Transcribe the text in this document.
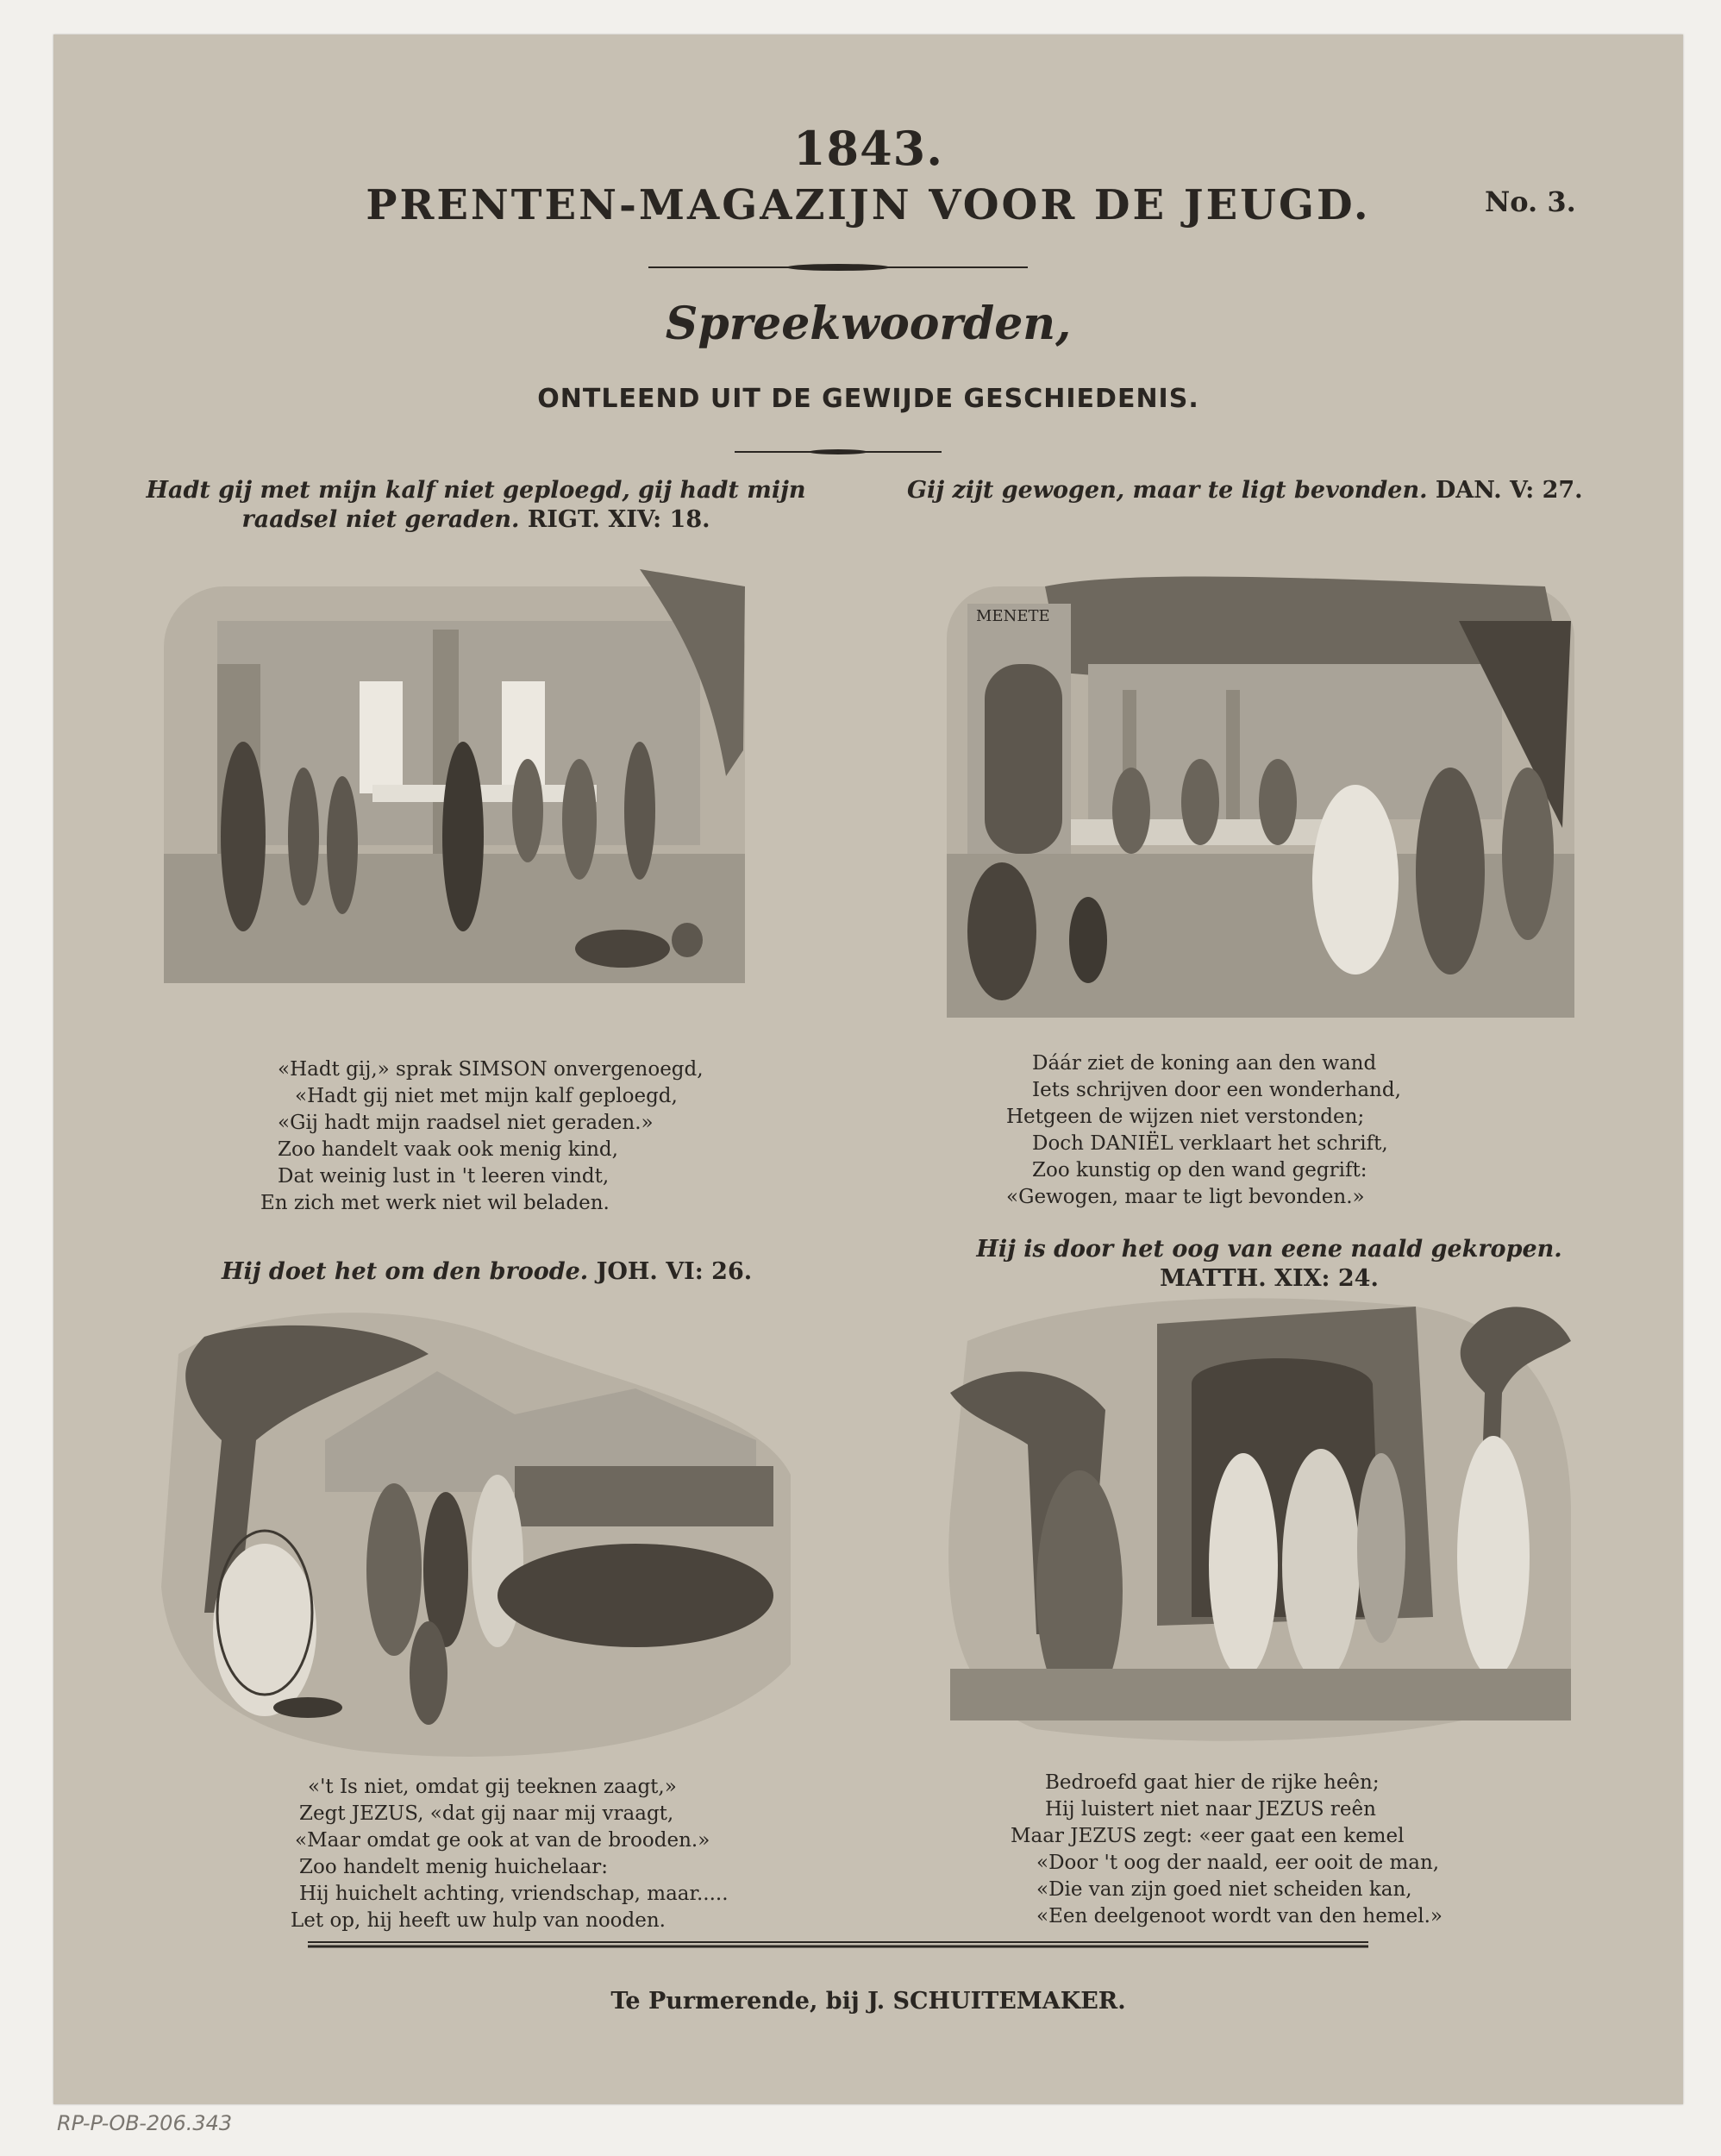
1843.
PRENTEN-MAGAZIJN VOOR DE JEUGD.	No. 3.
Spreekwoorden,
ONTLEEND UIT DE GEWIJDE GESCHIEDENIS.
Hadt gij met mijn kalf niet geploegd, gij hadt mijn
raadsel niet geraden. RIGT. XIV: 18.
«Hadt gij,» sprak SIMSON onvergenoegd,
«Hadt gij niet met mijn kalf geploegd,
«Gij hadt mijn raadsel niet geraden.»
Zoo handelt vaak ook menig kind,
Dat weinig lust in 't leeren vindt,
En zich met werk niet wil beladen.
Gij zijt gewogen, maar te ligt bevonden. DAN. V: 27.
MENETE
Dáár ziet de koning aan den wand
Iets schrijven door een wonderhand,
Hetgeen de wijzen niet verstonden;
Doch DANIËL verklaart het schrift,
Zoo kunstig op den wand gegrift:
«Gewogen, maar te ligt bevonden.»
Hij doet het om den broode. JOH. VI: 26.
«'t Is niet, omdat gij teeknen zaagt,»
Zegt JEZUS, «dat gij naar mij vraagt,
«Maar omdat ge ook at van de brooden.»
Zoo handelt menig huichelaar:
Hij huichelt achting, vriendschap, maar.....
Let op, hij heeft uw hulp van nooden.
Hij is door het oog van eene naald gekropen.
MATTH. XIX: 24.
Bedroefd gaat hier de rijke heên;
Hij luistert niet naar JEZUS reên
Maar JEZUS zegt: «eer gaat een kemel
«Door 't oog der naald, eer ooit de man,
«Die van zijn goed niet scheiden kan,
«Een deelgenoot wordt van den hemel.»
Te Purmerende, bij J. SCHUITEMAKER.
RP-P-OB-206.343
